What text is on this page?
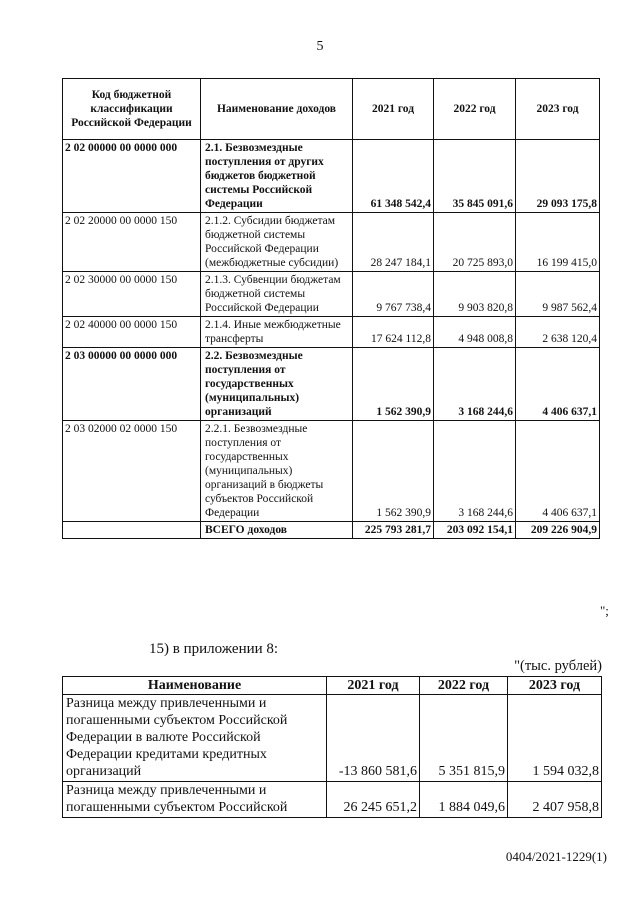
5
Код бюджетной классификации Российской Федерации	Наименование доходов	2021 год	2022 год	2023 год
2 02 00000 00 0000 000	2.1. Безвозмездные поступления от других бюджетов бюджетной системы Российской Федерации	61 348 542,4	35 845 091,6	29 093 175,8
2 02 20000 00 0000 150	2.1.2. Субсидии бюджетам бюджетной системы Российской Федерации (межбюджетные субсидии)	28 247 184,1	20 725 893,0	16 199 415,0
2 02 30000 00 0000 150	2.1.3. Субвенции бюджетам бюджетной системы Российской Федерации	9 767 738,4	9 903 820,8	9 987 562,4
2 02 40000 00 0000 150	2.1.4. Иные межбюджетные трансферты	17 624 112,8	4 948 008,8	2 638 120,4
2 03 00000 00 0000 000	2.2. Безвозмездные поступления от государственных (муниципальных) организаций	1 562 390,9	3 168 244,6	4 406 637,1
2 03 02000 02 0000 150	2.2.1. Безвозмездные поступления от государственных (муниципальных) организаций в бюджеты субъектов Российской Федерации	1 562 390,9	3 168 244,6	4 406 637,1
	ВСЕГО доходов	225 793 281,7	203 092 154,1	209 226 904,9
";
15) в приложении 8:
"(тыс. рублей)
Наименование	2021 год	2022 год	2023 год
Разница между привлеченными и погашенными субъектом Российской Федерации в валюте Российской Федерации кредитами кредитных организаций	-13 860 581,6	5 351 815,9	1 594 032,8
Разница между привлеченными и погашенными субъектом Российской	26 245 651,2	1 884 049,6	2 407 958,8
0404/2021-1229(1)
